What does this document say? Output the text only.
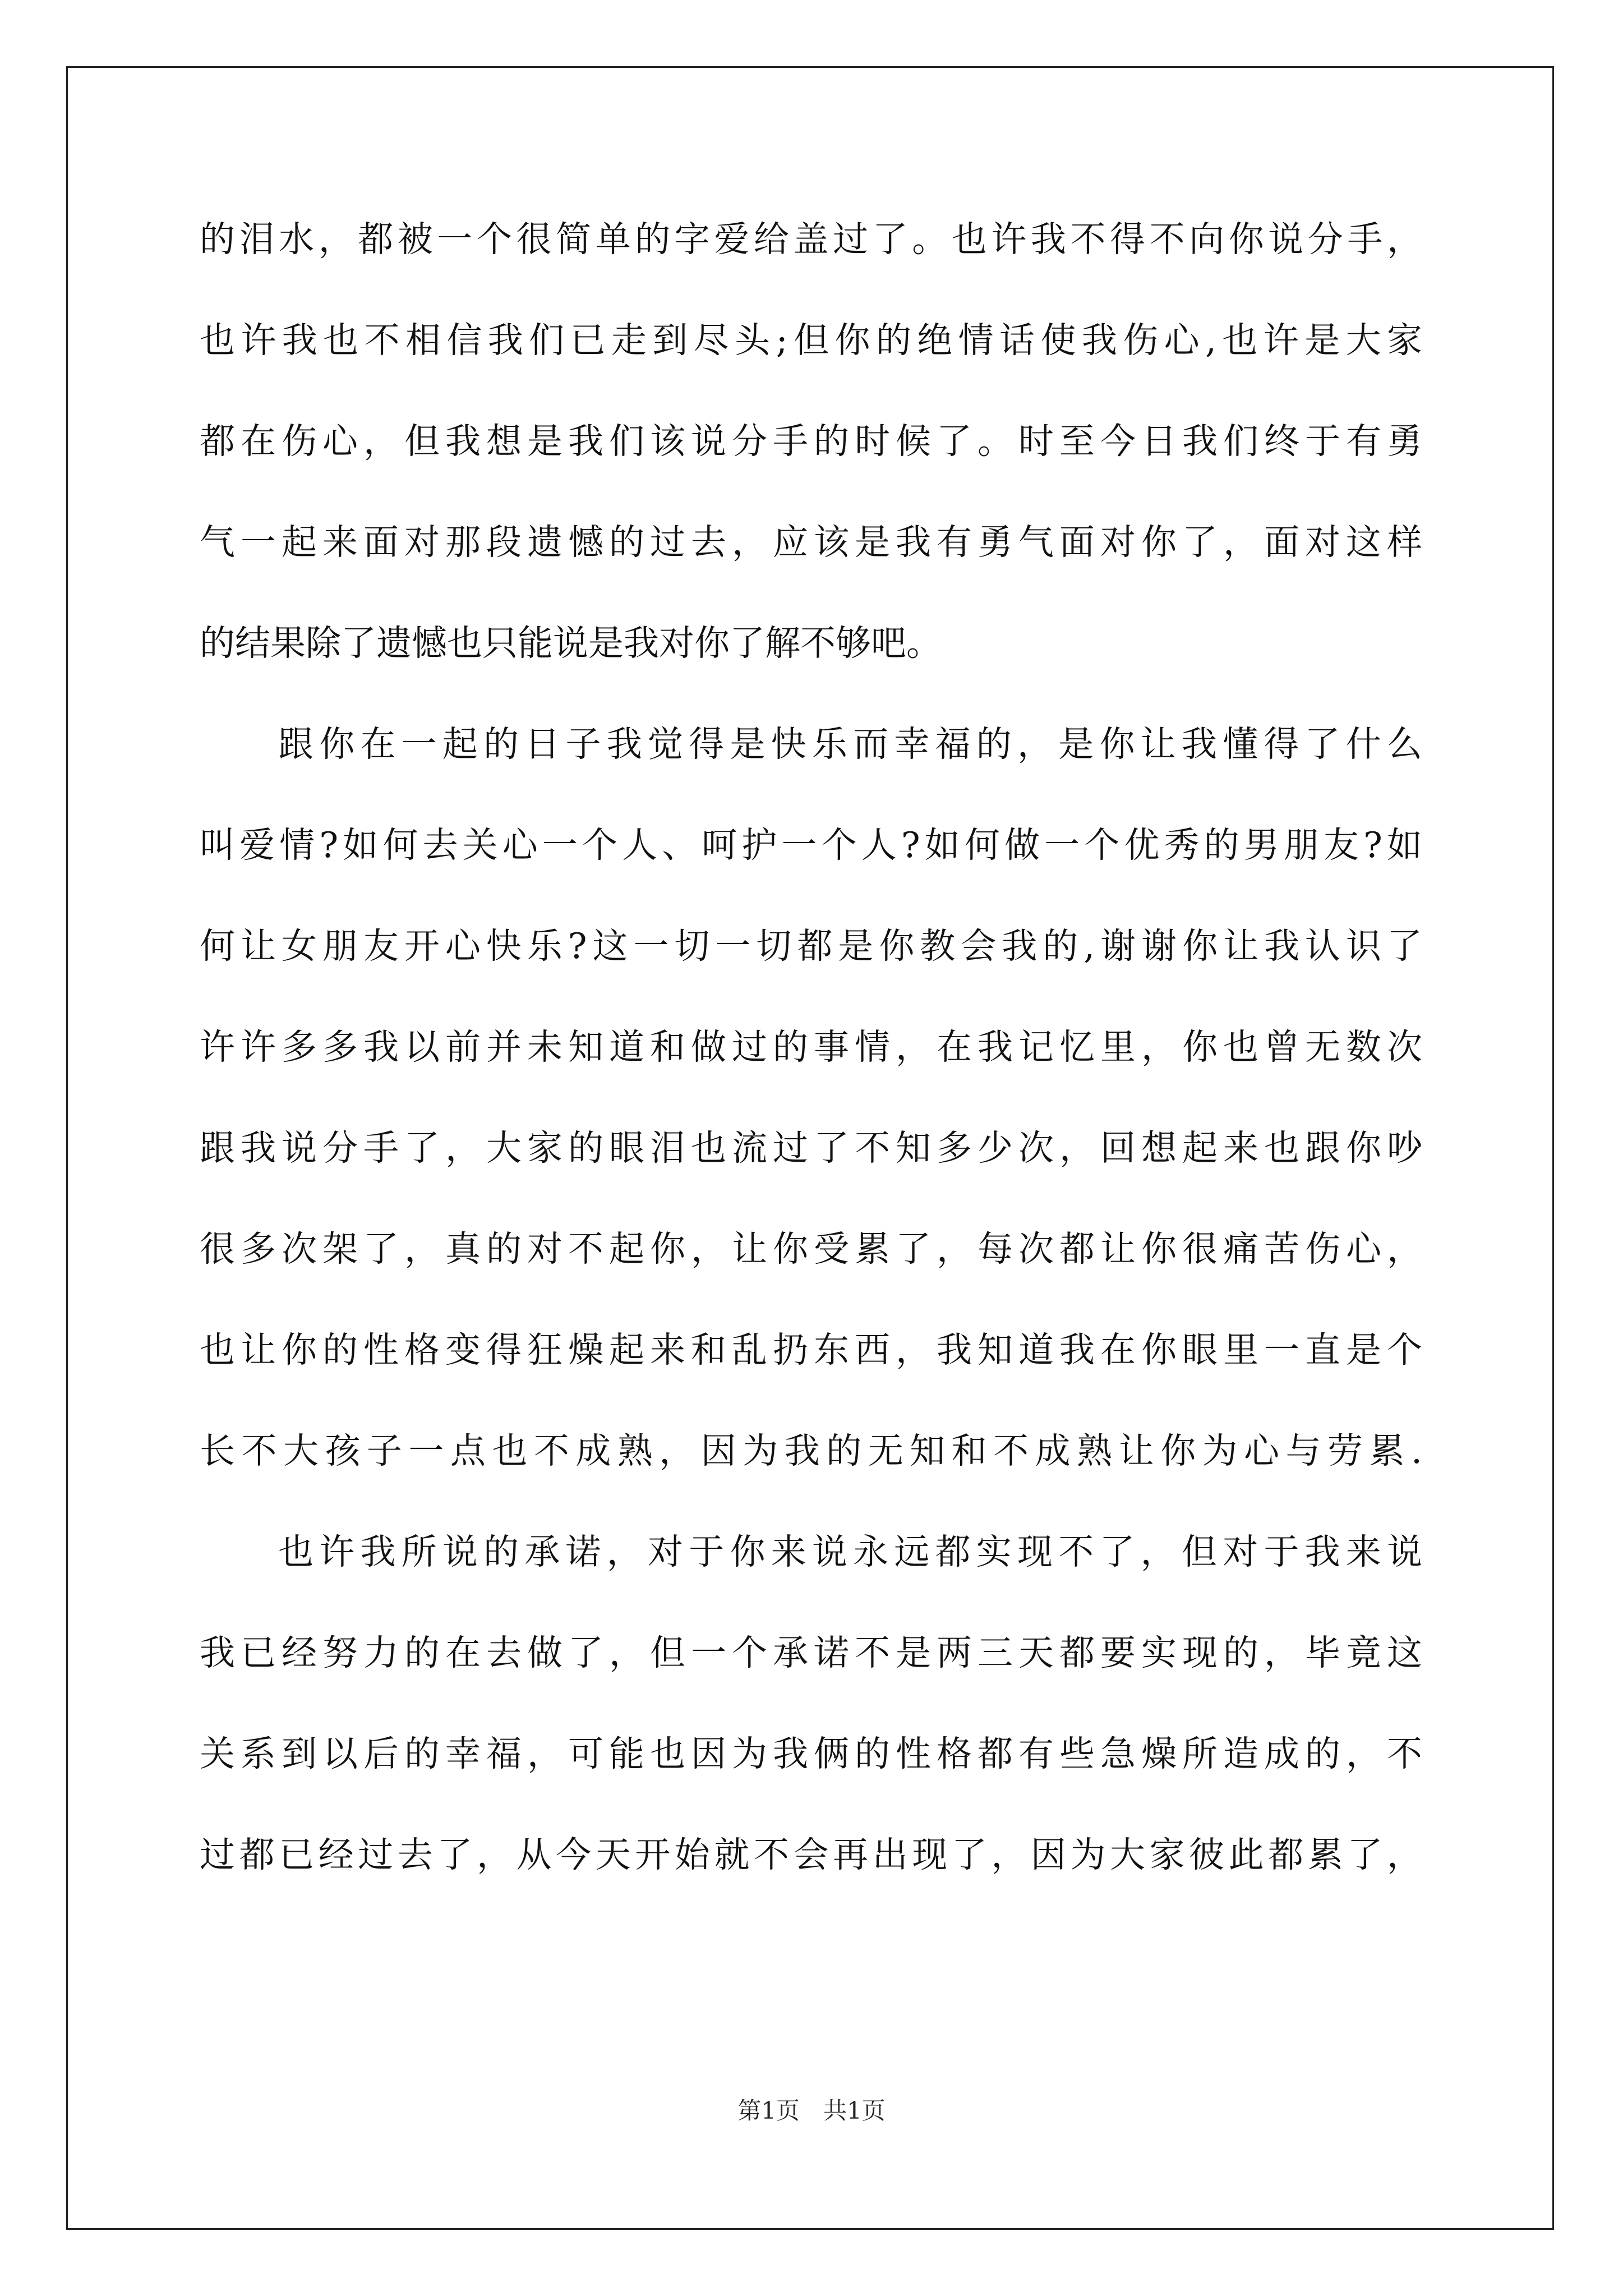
的泪水，都被一个很简单的字爱给盖过了。也许我不得不向你说分手，
也许我也不相信我们已走到尽头;但你的绝情话使我伤心,也许是大家
都在伤心，但我想是我们该说分手的时候了。时至今日我们终于有勇
气一起来面对那段遗憾的过去，应该是我有勇气面对你了，面对这样
的结果除了遗憾也只能说是我对你了解不够吧。
跟你在一起的日子我觉得是快乐而幸福的，是你让我懂得了什么
叫爱情?如何去关心一个人、呵护一个人?如何做一个优秀的男朋友?如
何让女朋友开心快乐?这一切一切都是你教会我的,谢谢你让我认识了
许许多多我以前并未知道和做过的事情，在我记忆里，你也曾无数次
跟我说分手了，大家的眼泪也流过了不知多少次，回想起来也跟你吵
很多次架了，真的对不起你，让你受累了，每次都让你很痛苦伤心，
也让你的性格变得狂燥起来和乱扔东西，我知道我在你眼里一直是个
长不大孩子一点也不成熟，因为我的无知和不成熟让你为心与劳累.
也许我所说的承诺，对于你来说永远都实现不了，但对于我来说
我已经努力的在去做了，但一个承诺不是两三天都要实现的，毕竟这
关系到以后的幸福，可能也因为我俩的性格都有些急燥所造成的，不
过都已经过去了，从今天开始就不会再出现了，因为大家彼此都累了，
第1页　共1页
